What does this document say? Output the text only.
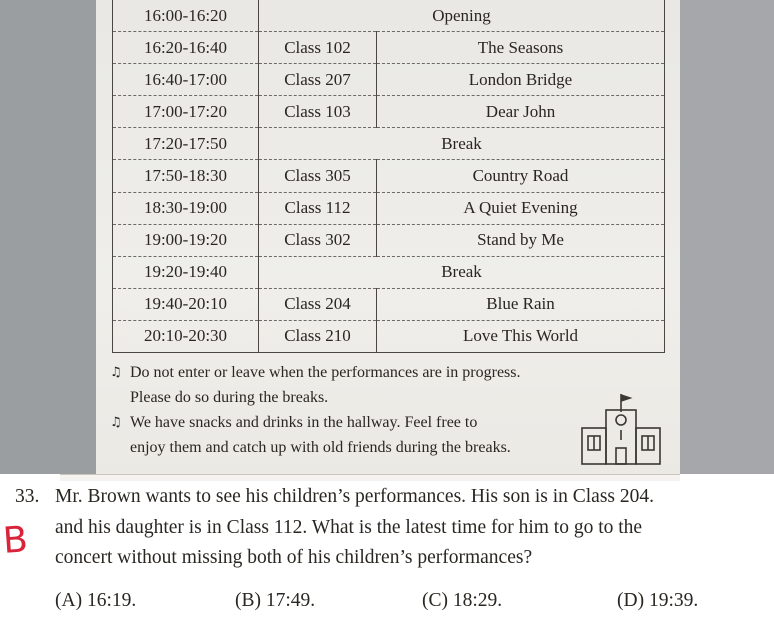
16:00-16:20	Opening	
16:20-16:40	Class 102	The Seasons
16:40-17:00	Class 207	London Bridge
17:00-17:20	Class 103	Dear John
17:20-17:50	Break	
17:50-18:30	Class 305	Country Road
18:30-19:00	Class 112	A Quiet Evening
19:00-19:20	Class 302	Stand by Me
19:20-19:40	Break	
19:40-20:10	Class 204	Blue Rain
20:10-20:30	Class 210	Love This World
♫ Do not enter or leave when the performances are in progress.
Please do so during the breaks.
♫ We have snacks and drinks in the hallway. Feel free to
enjoy them and catch up with old friends during the breaks.
33. Mr. Brown wants to see his children’s performances. His son is in Class 204.
and his daughter is in Class 112. What is the latest time for him to go to the
concert without missing both of his children’s performances?
(A) 16:19.	(B) 17:49.	(C) 18:29.	(D) 19:39.
B
